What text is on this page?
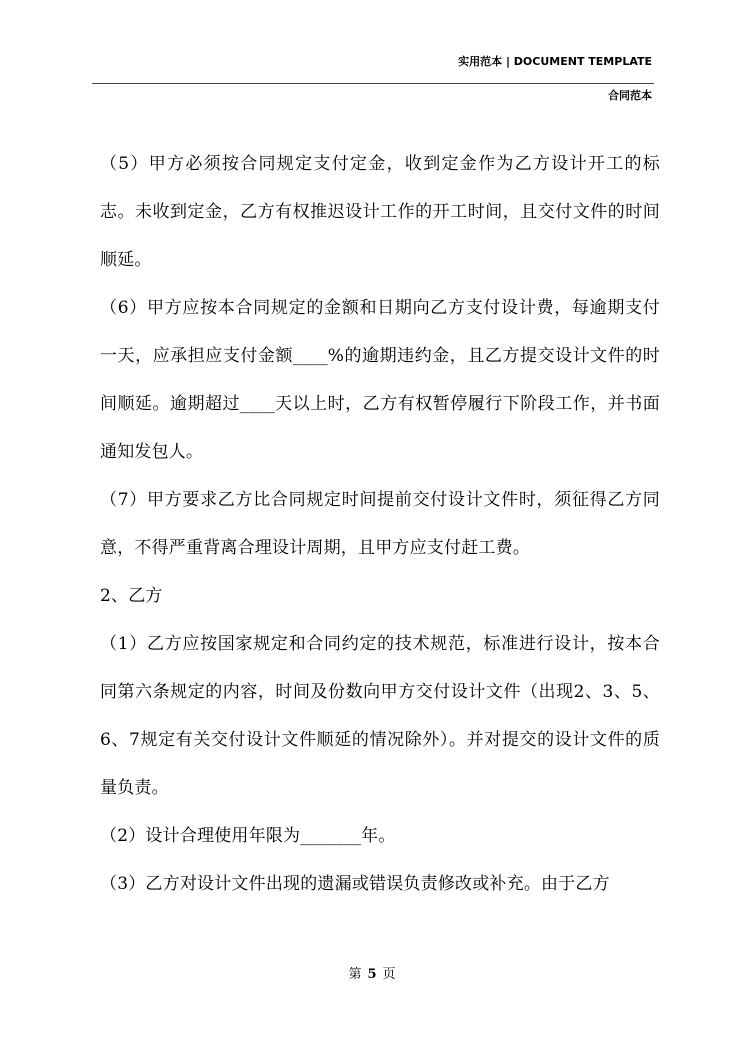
实用范本 | DOCUMENT TEMPLATE
合同范本

（5）甲方必须按合同规定支付定金，收到定金作为乙方设计开工的标志。未收到定金，乙方有权推迟设计工作的开工时间，且交付文件的时间顺延。

（6）甲方应按本合同规定的金额和日期向乙方支付设计费，每逾期支付一天，应承担应支付金额____%的逾期违约金，且乙方提交设计文件的时间顺延。逾期超过____天以上时，乙方有权暂停履行下阶段工作，并书面通知发包人。

（7）甲方要求乙方比合同规定时间提前交付设计文件时，须征得乙方同意，不得严重背离合理设计周期，且甲方应支付赶工费。

2、乙方

（1）乙方应按国家规定和合同约定的技术规范，标准进行设计，按本合同第六条规定的内容，时间及份数向甲方交付设计文件（出现2、3、5、6、7规定有关交付设计文件顺延的情况除外）。并对提交的设计文件的质量负责。

（2）设计合理使用年限为_______年。

（3）乙方对设计文件出现的遗漏或错误负责修改或补充。由于乙方

第 5 页
